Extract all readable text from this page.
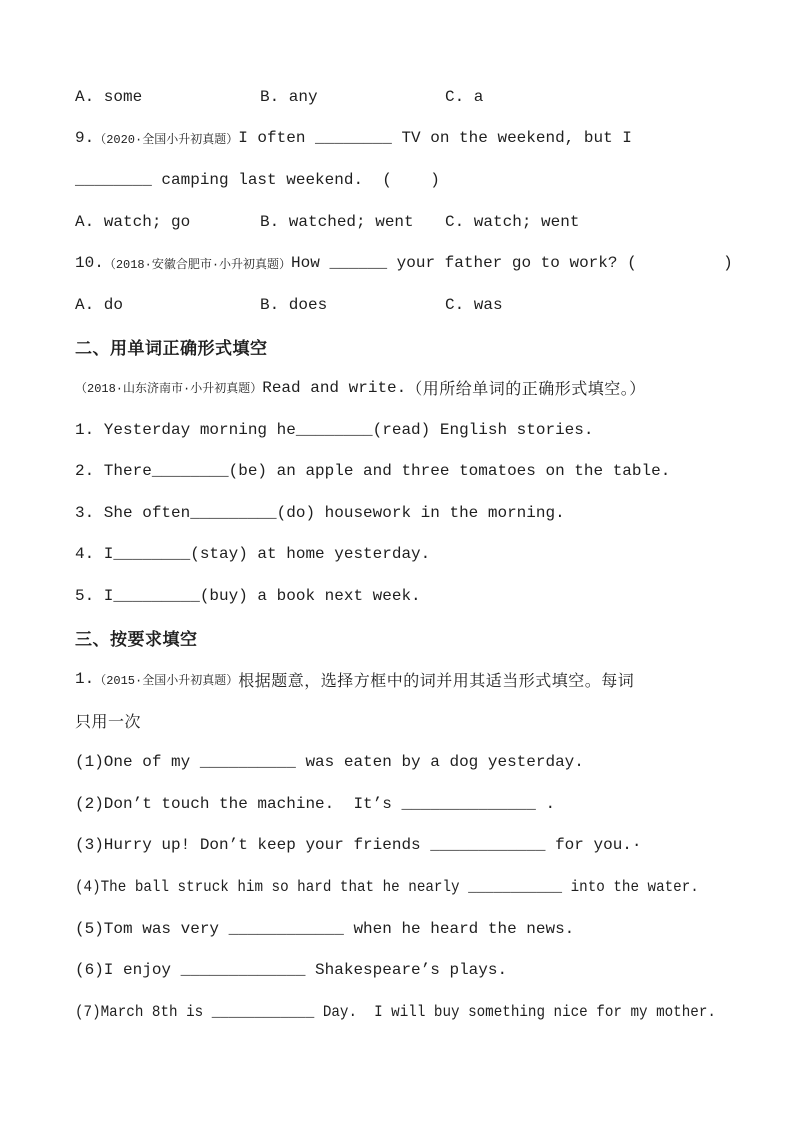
A. some	B. any	C. a
9. （2020·全国小升初真题） I often ________ TV on the weekend, but I
________ camping last weekend.  (    )
A. watch; go	B. watched; went	C. watch; went
10. （2018·安徽合肥市·小升初真题） How ______ your father go to work? (         )
A. do	B. does	C. was
二、用单词正确形式填空
（2018·山东济南市·小升初真题） Read and write. （用所给单词的正确形式填空。）
1. Yesterday morning he________(read) English stories.
2. There________(be) an apple and three tomatoes on the table.
3. She often_________(do) housework in the morning.
4. I________(stay) at home yesterday.
5. I_________(buy) a book next week.
三、按要求填空
1. （2015·全国小升初真题） 根据题意，选择方框中的词并用其适当形式填空。每词
只用一次
(1)One of my __________ was eaten by a dog yesterday.
(2)Don’t touch the machine.  It’s ______________ .
(3)Hurry up! Don’t keep your friends ____________ for you.·
(4)The ball struck him so hard that he nearly ___________ into the water.
(5)Tom was very ____________ when he heard the news.
(6)I enjoy _____________ Shakespeare’s plays.
(7)March 8th is ____________ Day.  I will buy something nice for my mother.
